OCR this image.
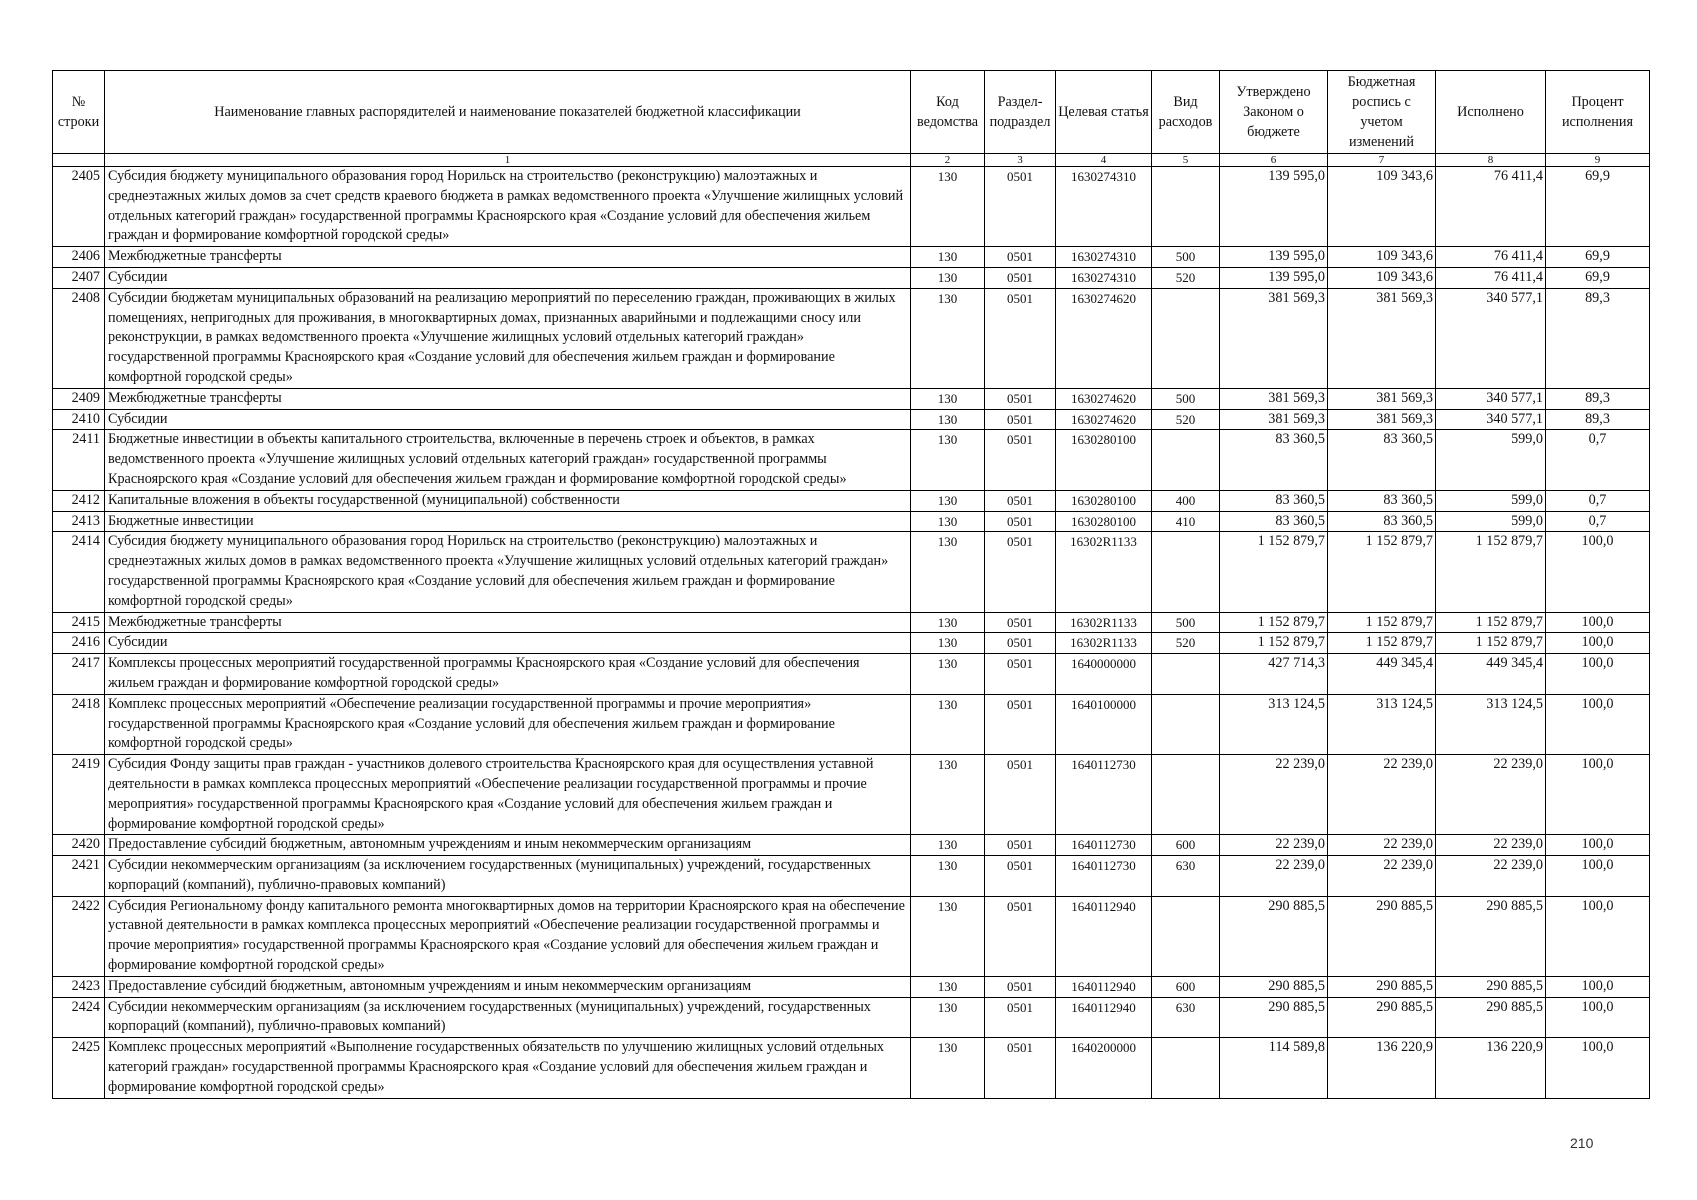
№ строки	Наименование главных распорядителей и наименование показателей бюджетной классификации	Код ведомства	Раздел-подраздел	Целевая статья	Вид расходов	Утверждено Законом о бюджете	Бюджетная роспись с учетом изменений	Исполнено	Процент исполнения
	1	2	3	4	5	6	7	8	9
2405	Субсидия бюджету муниципального образования город Норильск на строительство (реконструкцию) малоэтажных и среднеэтажных жилых домов за счет средств краевого бюджета в рамках ведомственного проекта «Улучшение жилищных условий отдельных категорий граждан» государственной программы Красноярского края «Создание условий для обеспечения жильем граждан и формирование комфортной городской среды»	130	0501	1630274310		139 595,0	109 343,6	76 411,4	69,9
2406	Межбюджетные трансферты	130	0501	1630274310	500	139 595,0	109 343,6	76 411,4	69,9
2407	Субсидии	130	0501	1630274310	520	139 595,0	109 343,6	76 411,4	69,9
2408	Субсидии бюджетам муниципальных образований на реализацию мероприятий по переселению граждан, проживающих в жилых помещениях, непригодных для проживания, в многоквартирных домах, признанных аварийными и подлежащими сносу или реконструкции, в рамках ведомственного проекта «Улучшение жилищных условий отдельных категорий граждан» государственной программы Красноярского края «Создание условий для обеспечения жильем граждан и формирование комфортной городской среды»	130	0501	1630274620		381 569,3	381 569,3	340 577,1	89,3
2409	Межбюджетные трансферты	130	0501	1630274620	500	381 569,3	381 569,3	340 577,1	89,3
2410	Субсидии	130	0501	1630274620	520	381 569,3	381 569,3	340 577,1	89,3
2411	Бюджетные инвестиции в объекты капитального строительства, включенные в перечень строек и объектов, в рамках ведомственного проекта «Улучшение жилищных условий отдельных категорий граждан» государственной программы Красноярского края «Создание условий для обеспечения жильем граждан и формирование комфортной городской среды»	130	0501	1630280100		83 360,5	83 360,5	599,0	0,7
2412	Капитальные вложения в объекты государственной (муниципальной) собственности	130	0501	1630280100	400	83 360,5	83 360,5	599,0	0,7
2413	Бюджетные инвестиции	130	0501	1630280100	410	83 360,5	83 360,5	599,0	0,7
2414	Субсидия бюджету муниципального образования город Норильск на строительство (реконструкцию) малоэтажных и среднеэтажных жилых домов в рамках ведомственного проекта «Улучшение жилищных условий отдельных категорий граждан» государственной программы Красноярского края «Создание условий для обеспечения жильем граждан и формирование комфортной городской среды»	130	0501	16302R1133		1 152 879,7	1 152 879,7	1 152 879,7	100,0
2415	Межбюджетные трансферты	130	0501	16302R1133	500	1 152 879,7	1 152 879,7	1 152 879,7	100,0
2416	Субсидии	130	0501	16302R1133	520	1 152 879,7	1 152 879,7	1 152 879,7	100,0
2417	Комплексы процессных мероприятий государственной программы Красноярского края «Создание условий для обеспечения жильем граждан и формирование комфортной городской среды»	130	0501	1640000000		427 714,3	449 345,4	449 345,4	100,0
2418	Комплекс процессных мероприятий «Обеспечение реализации государственной программы и прочие мероприятия» государственной программы Красноярского края «Создание условий для обеспечения жильем граждан и формирование комфортной городской среды»	130	0501	1640100000		313 124,5	313 124,5	313 124,5	100,0
2419	Субсидия Фонду защиты прав граждан - участников долевого строительства Красноярского края для осуществления уставной деятельности в рамках комплекса процессных мероприятий «Обеспечение реализации государственной программы и прочие мероприятия» государственной программы Красноярского края «Создание условий для обеспечения жильем граждан и формирование комфортной городской среды»	130	0501	1640112730		22 239,0	22 239,0	22 239,0	100,0
2420	Предоставление субсидий бюджетным, автономным учреждениям и иным некоммерческим организациям	130	0501	1640112730	600	22 239,0	22 239,0	22 239,0	100,0
2421	Субсидии некоммерческим организациям (за исключением государственных (муниципальных) учреждений, государственных корпораций (компаний), публично-правовых компаний)	130	0501	1640112730	630	22 239,0	22 239,0	22 239,0	100,0
2422	Субсидия Региональному фонду капитального ремонта многоквартирных домов на территории Красноярского края на обеспечение уставной деятельности в рамках комплекса процессных мероприятий «Обеспечение реализации государственной программы и прочие мероприятия» государственной программы Красноярского края «Создание условий для обеспечения жильем граждан и формирование комфортной городской среды»	130	0501	1640112940		290 885,5	290 885,5	290 885,5	100,0
2423	Предоставление субсидий бюджетным, автономным учреждениям и иным некоммерческим организациям	130	0501	1640112940	600	290 885,5	290 885,5	290 885,5	100,0
2424	Субсидии некоммерческим организациям (за исключением государственных (муниципальных) учреждений, государственных корпораций (компаний), публично-правовых компаний)	130	0501	1640112940	630	290 885,5	290 885,5	290 885,5	100,0
2425	Комплекс процессных мероприятий «Выполнение государственных обязательств по улучшению жилищных условий отдельных категорий граждан» государственной программы Красноярского края «Создание условий для обеспечения жильем граждан и формирование комфортной городской среды»	130	0501	1640200000		114 589,8	136 220,9	136 220,9	100,0
210
